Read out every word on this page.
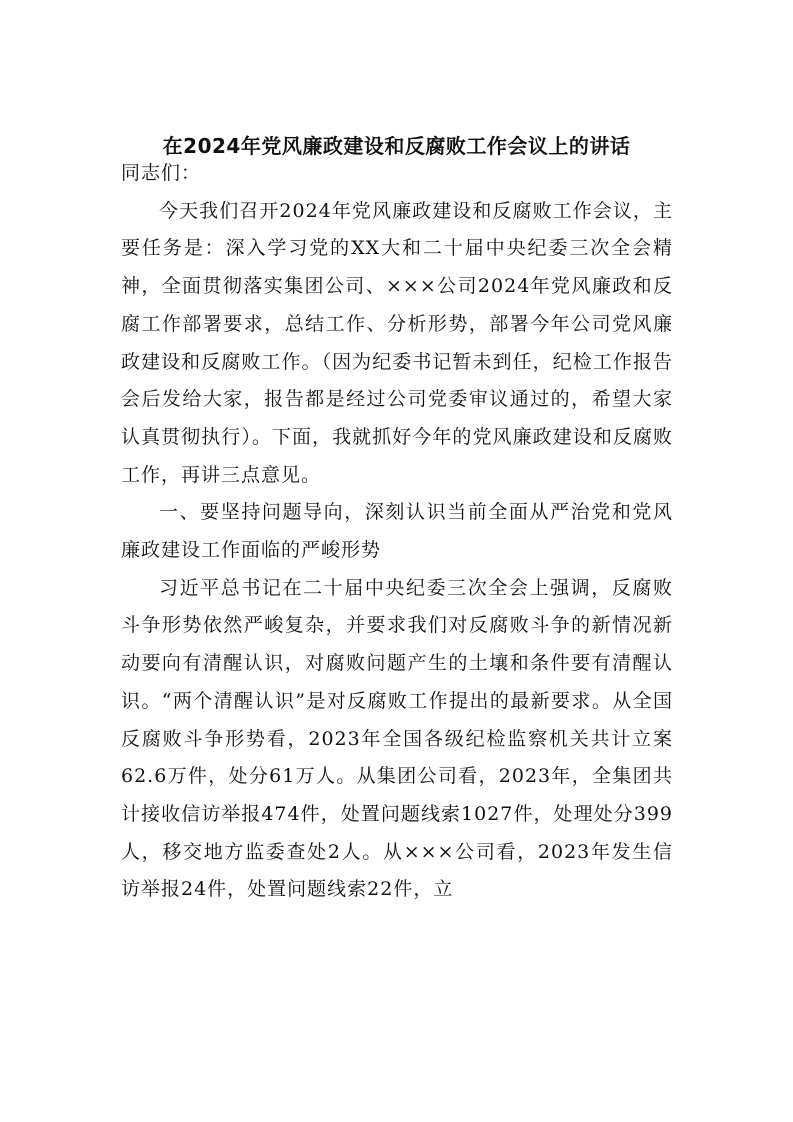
在2024年党风廉政建设和反腐败工作会议上的讲话

同志们：

今天我们召开2024年党风廉政建设和反腐败工作会议，主要任务是：深入学习党的XX大和二十届中央纪委三次全会精神，全面贯彻落实集团公司、×××公司2024年党风廉政和反腐工作部署要求，总结工作、分析形势，部署今年公司党风廉政建设和反腐败工作。（因为纪委书记暂未到任，纪检工作报告会后发给大家，报告都是经过公司党委审议通过的，希望大家认真贯彻执行）。下面，我就抓好今年的党风廉政建设和反腐败工作，再讲三点意见。

一、要坚持问题导向，深刻认识当前全面从严治党和党风廉政建设工作面临的严峻形势

习近平总书记在二十届中央纪委三次全会上强调，反腐败斗争形势依然严峻复杂，并要求我们对反腐败斗争的新情况新动要向有清醒认识，对腐败问题产生的土壤和条件要有清醒认识。“两个清醒认识”是对反腐败工作提出的最新要求。从全国反腐败斗争形势看，2023年全国各级纪检监察机关共计立案62.6万件，处分61万人。从集团公司看，2023年，全集团共计接收信访举报474件，处置问题线索1027件，处理处分399人，移交地方监委查处2人。从×××公司看，2023年发生信访举报24件，处置问题线索22件，立
